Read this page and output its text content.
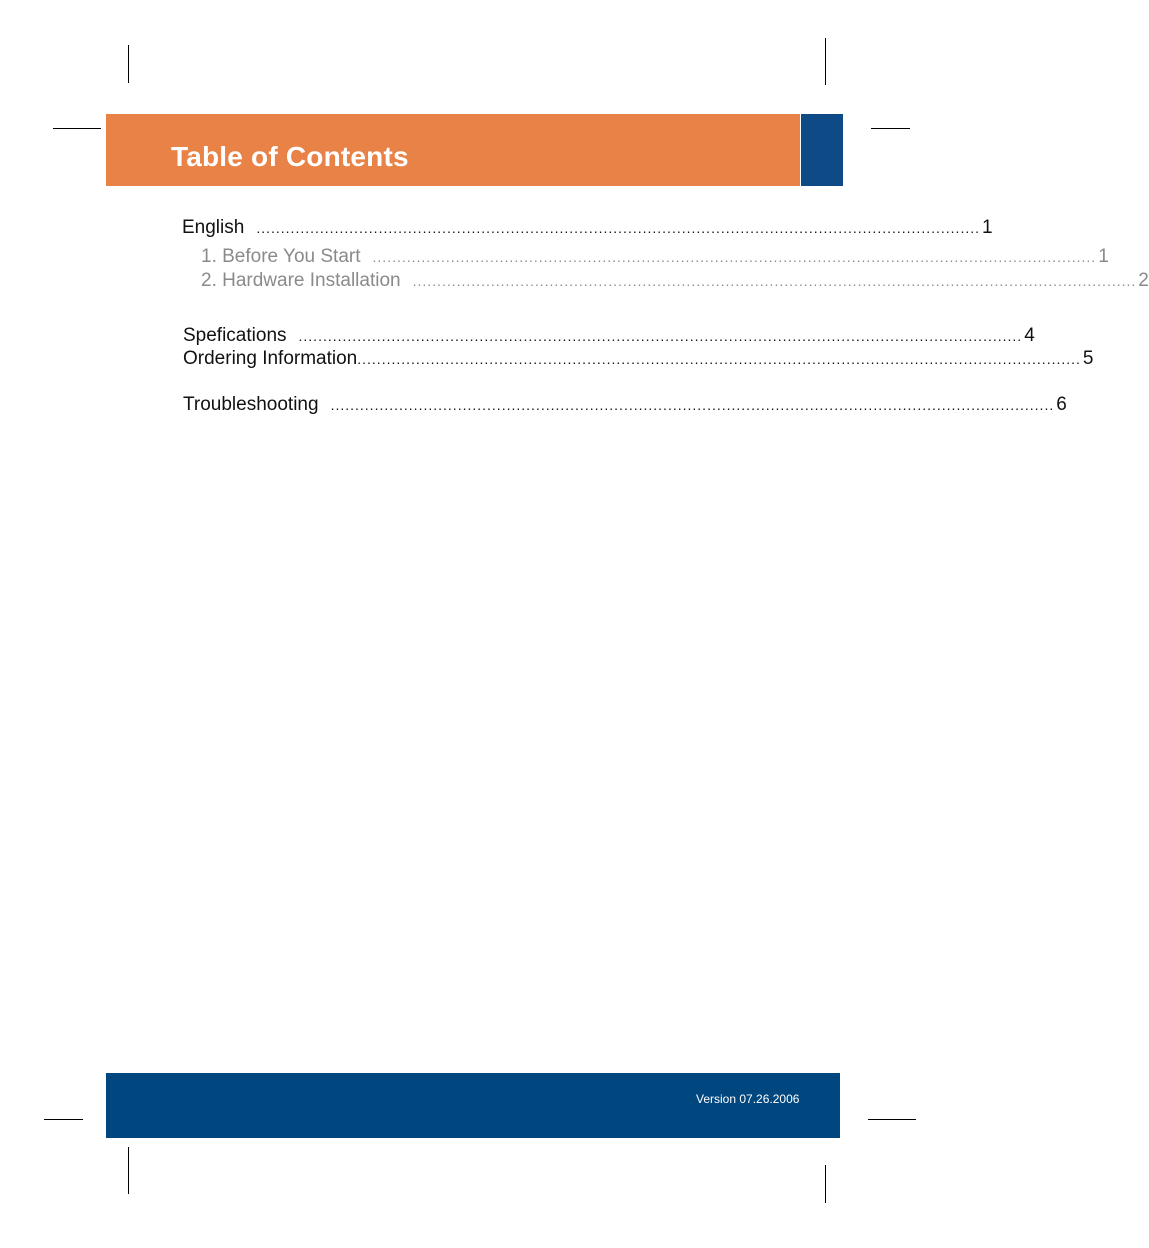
Table of Contents
English .................................................................................................................................................... 1
1. Before You Start .................................................................................................................................................... 1
2. Hardware Installation .................................................................................................................................................... 2
Spefications .................................................................................................................................................... 4
Ordering Information .................................................................................................................................................... 5
Troubleshooting .................................................................................................................................................... 6
Version 07.26.2006
